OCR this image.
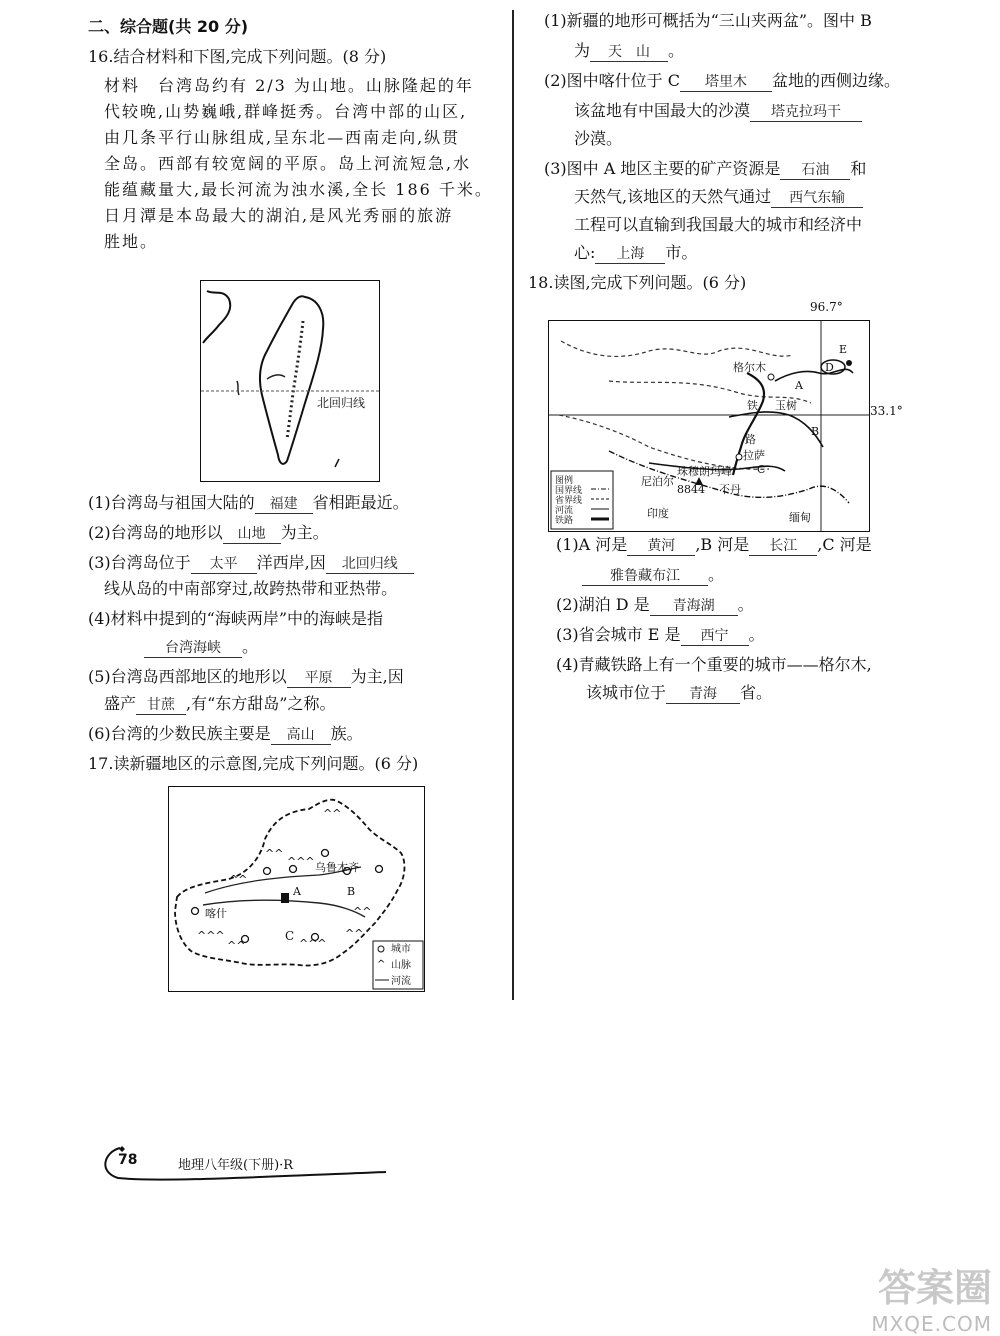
二、综合题(共 20 分)
16.结合材料和下图,完成下列问题。(8 分)
材料　台湾岛约有 2/3 为山地。山脉隆起的年
代较晚,山势巍峨,群峰挺秀。台湾中部的山区,
由几条平行山脉组成,呈东北—西南走向,纵贯
全岛。西部有较宽阔的平原。岛上河流短急,水
能蕴藏量大,最长河流为浊水溪,全长 186 千米。
日月潭是本岛最大的湖泊,是风光秀丽的旅游
胜地。
北回归线
(1)台湾岛与祖国大陆的 福建 省相距最近。
(2)台湾岛的地形以 山地 为主。
(3)台湾岛位于 太平 洋西岸,因 北回归线
线从岛的中南部穿过,故跨热带和亚热带。
(4)材料中提到的“海峡两岸”中的海峡是指
台湾海峡 。
(5)台湾岛西部地区的地形以 平原 为主,因
盛产 甘蔗 ,有“东方甜岛”之称。
(6)台湾的少数民族主要是 高山 族。
17.读新疆地区的示意图,完成下列问题。(6 分)
^^
^^^
^^
^^^
^^	^^^
^^
^^
^^
^
乌鲁木齐
喀什
A	B
C
城市
山脉
河流
(1)新疆的地形可概括为“三山夹两盆”。图中 B
为 天　山 。
(2)图中喀什位于 C 塔里木 盆地的西侧边缘。
该盆地有中国最大的沙漠 塔克拉玛干
沙漠。
(3)图中 A 地区主要的矿产资源是 石油 和
天然气,该地区的天然气通过 西气东输
工程可以直输到我国最大的城市和经济中
心: 上海 市。
18.读图,完成下列问题。(6 分)
96.7°
33.1°
格尔木
A
D
E
铁 玉树
B
路
拉萨
珠穆朗玛峰 C
尼泊尔
8844 不丹
印度	缅甸
图例
国界线
省界线
河流
铁路
(1)A 河是 黄河 ,B 河是 长江 ,C 河是
雅鲁藏布江 。
(2)湖泊 D 是 青海湖 。
(3)省会城市 E 是 西宁 。
(4)青藏铁路上有一个重要的城市——格尔木,
该城市位于 青海 省。
78	地理八年级(下册)·R
答案圈
MXQE.COM
